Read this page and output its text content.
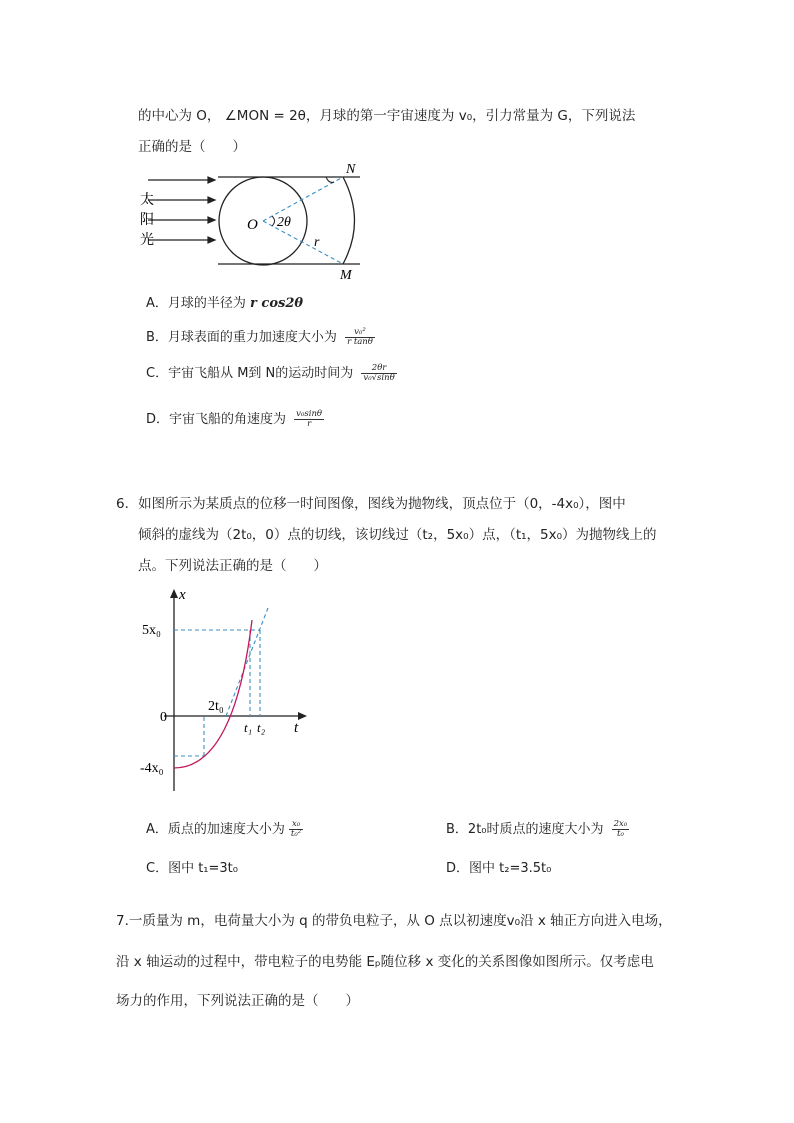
的中心为 O， ∠MON = 2θ，月球的第一宇宙速度为 v₀，引力常量为 G，下列说法
正确的是（　　）
太
阳
光
N
M
O 2θ
r
A．月球的半径为 r cos2θ
B．月球表面的重力加速度大小为 $\frac{\text{v₀²}}{\text{r tanθ}}$
C．宇宙飞船从 M到 N的运动时间为 $\frac{2\theta r}{\text{v₀√sinθ}}$
D．宇宙飞船的角速度为 $\frac{\text{v₀sinθ}}{r}$
6．如图所示为某质点的位移一时间图像，图线为抛物线，顶点位于（0，-4x₀），图中
倾斜的虚线为（2t₀，0）点的切线，该切线过（t₂，5x₀）点，（t₁，5x₀）为抛物线上的
点。下列说法正确的是（　　）
x
t
5x₀
0
-4x₀
2t₀
t₁ t₂
A．质点的加速度大小为 $\frac{\text{x₀}}{\text{t₀²}}$	B．2t₀时质点的速度大小为 $\frac{\text{2x₀}}{\text{t₀}}$
C．图中 t₁=3t₀	D．图中 t₂=3.5t₀
7.一质量为 m，电荷量大小为 q 的带负电粒子，从 O 点以初速度v₀沿 x 轴正方向进入电场，
沿 x 轴运动的过程中，带电粒子的电势能 Eₚ随位移 x 变化的关系图像如图所示。仅考虑电
场力的作用，下列说法正确的是（　　）
